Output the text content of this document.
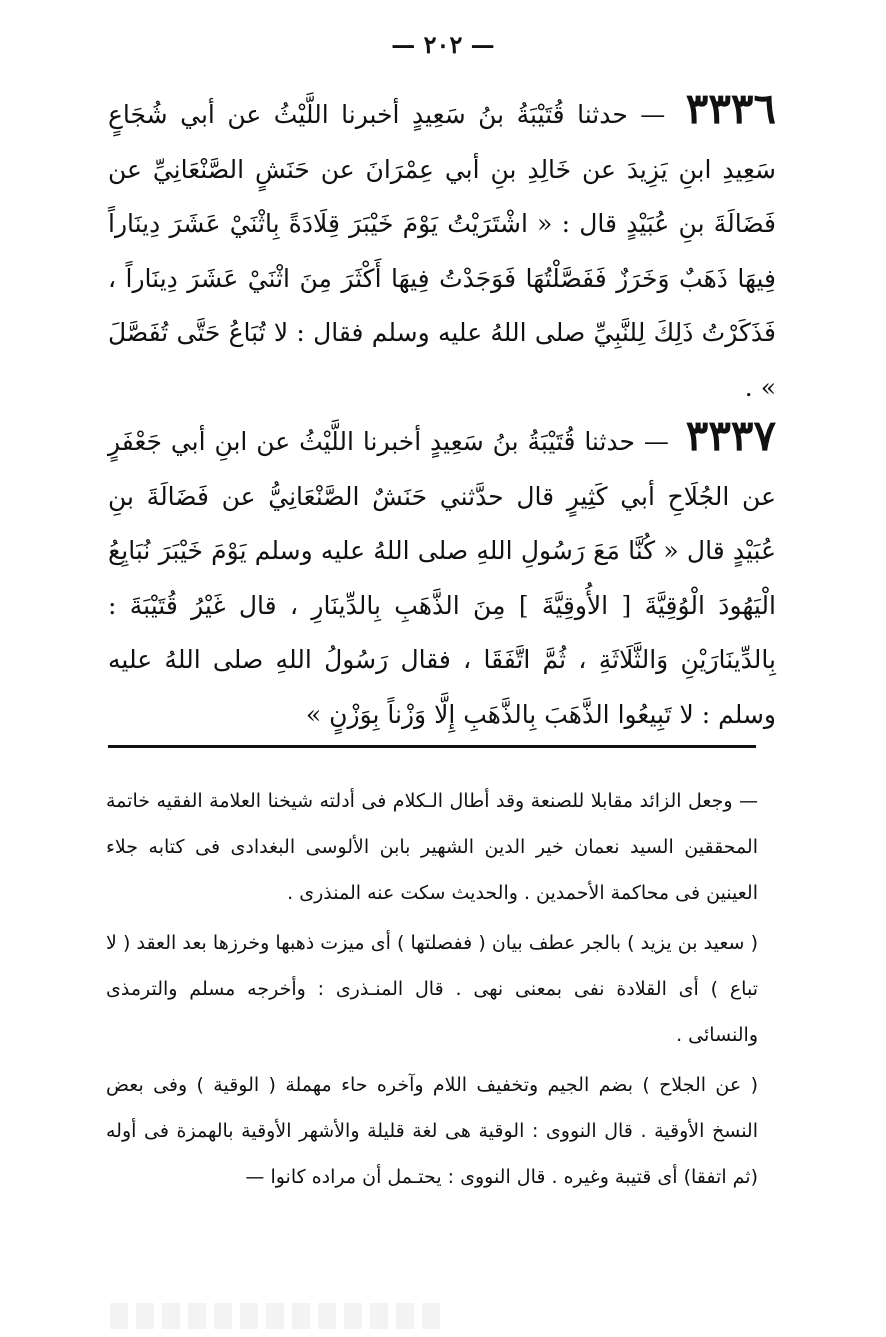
— ٢٠٢ —

٣٣٣٦ — حدثنا قُتَيْبَةُ بنُ سَعِيدٍ أخبرنا اللَّيْثُ عن أبي شُجَاعٍ سَعِيدِ ابنِ يَزِيدَ عن خَالِدِ بنِ أبي عِمْرَانَ عن حَنَشٍ الصَّنْعَانِيِّ عن فَضَالَةَ بنِ عُبَيْدٍ قال : « اشْتَرَيْتُ يَوْمَ خَيْبَرَ قِلَادَةً بِاثْنَيْ عَشَرَ دِينَاراً فِيهَا ذَهَبٌ وَخَرَزٌ فَفَصَّلْتُهَا فَوَجَدْتُ فِيهَا أَكْثَرَ مِنَ اثْنَيْ عَشَرَ دِينَاراً ، فَذَكَرْتُ ذَلِكَ لِلنَّبِيِّ صلى اللهُ عليه وسلم فقال : لا تُبَاعُ حَتَّى تُفَصَّلَ » .

٣٣٣٧ — حدثنا قُتَيْبَةُ بنُ سَعِيدٍ أخبرنا اللَّيْثُ عن ابنِ أبي جَعْفَرٍ عن الجُلَاحِ أبي كَثِيرٍ قال حدَّثني حَنَشٌ الصَّنْعَانِيُّ عن فَضَالَةَ بنِ عُبَيْدٍ قال « كُنَّا مَعَ رَسُولِ اللهِ صلى اللهُ عليه وسلم يَوْمَ خَيْبَرَ نُبَايِعُ الْيَهُودَ الْوُقِيَّةَ [ الأُوقِيَّةَ ] مِنَ الذَّهَبِ بِالدِّينَارِ ، قال غَيْرُ قُتَيْبَةَ : بِالدِّينَارَيْنِ وَالثَّلَاثَةِ ، ثُمَّ اتَّفَقَا ، فقال رَسُولُ اللهِ صلى اللهُ عليه وسلم : لا تَبِيعُوا الذَّهَبَ بِالذَّهَبِ إِلَّا وَزْناً بِوَزْنٍ »

— وجعل الزائد مقابلا للصنعة وقد أطال الـكلام فى أدلته شيخنا العلامة الفقيه خاتمة المحققين السيد نعمان خير الدين الشهير بابن الألوسى البغدادى فى كتابه جلاء العينين فى محاكمة الأحمدين . والحديث سكت عنه المنذرى .

( سعيد بن يزيد ) بالجر عطف بيان ( ففصلتها ) أى ميزت ذهبها وخرزها بعد العقد ( لا تباع ) أى القلادة نفى بمعنى نهى . قال المنـذرى : وأخرجه مسلم والترمذى والنسائى .

( عن الجلاح ) بضم الجيم وتخفيف اللام وآخره حاء مهملة ( الوقية ) وفى بعض النسخ الأوقية . قال النووى : الوقية هى لغة قليلة والأشهر الأوقية بالهمزة فى أوله (ثم اتفقا) أى قتيبة وغيره . قال النووى : يحتـمل أن مراده كانوا —
